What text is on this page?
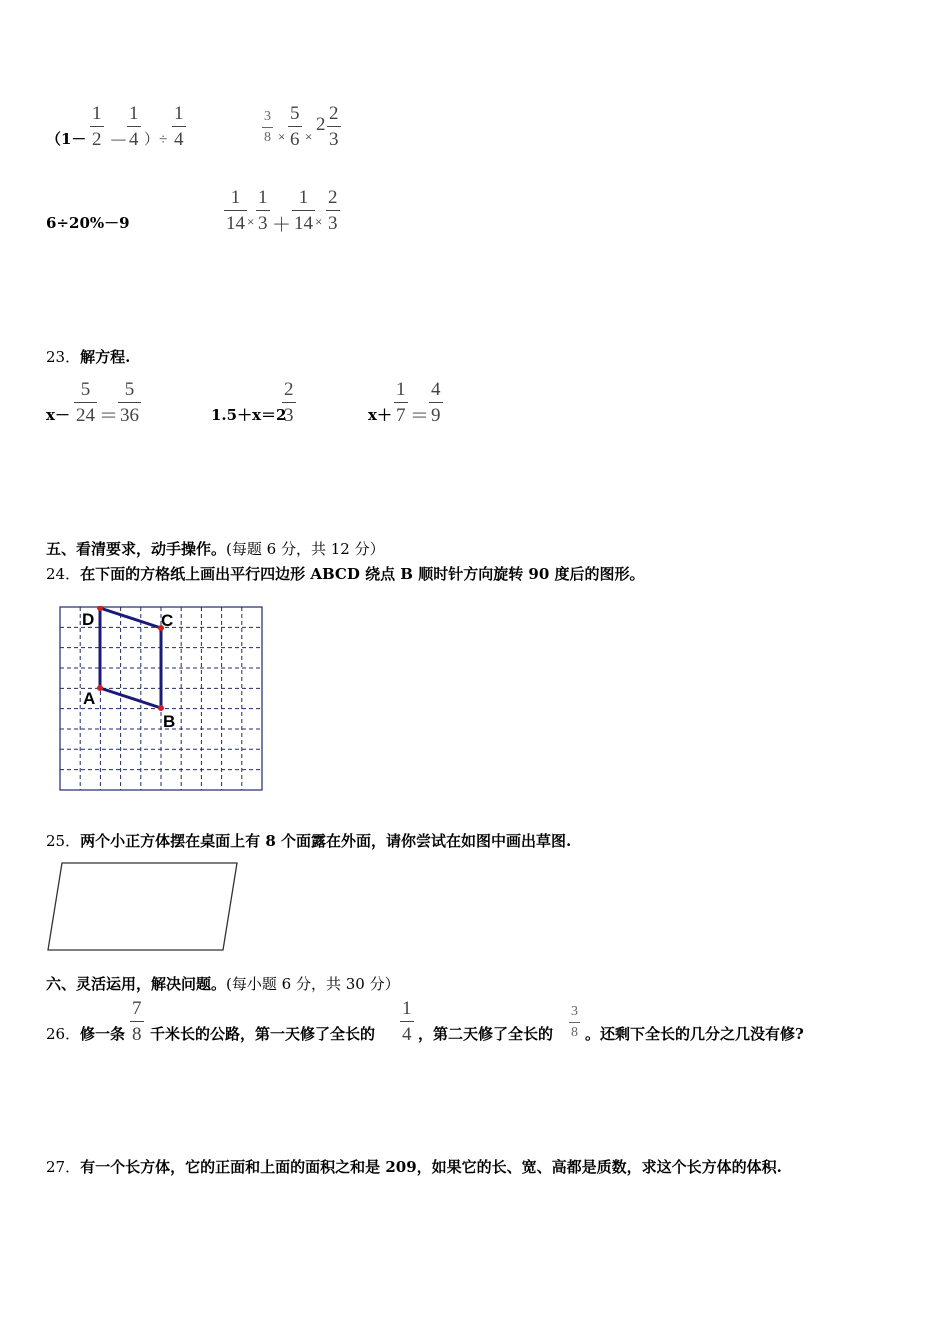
（$1- \frac{1}{2}$ －
$\frac{1}{4}$ ）÷ $\frac{1}{4}$	$\frac{3}{8} \times \frac{5}{6}$ ×
$2 \frac{2}{3}$
6÷20%－9	$\frac{1}{14} \times \frac{1}{3} + \frac{1}{14} \times \frac{2}{3}$
23．解方程.
$x- \frac{5}{24} = \frac{5}{36}$	1.5＋x＝2
$\frac{2}{3}$	$x+ \frac{1}{7} = \frac{4}{9}$
五、看清要求，动手操作。(每题 6 分，共 12 分）
24．在下面的方格纸上画出平行四边形 ABCD 绕点 B 顺时针方向旋转 90 度后的图形。
D	C
A
B
25．两个小正方体摆在桌面上有 8 个面露在外面，请你尝试在如图中画出草图.
六、灵活运用，解决问题。(每小题 6 分，共 30 分）
26． 修一条 $\frac{7}{8}$ 千米长的公路，第一天修了全长的 $\frac{1}{4}$ ，第二天修了全长的 $\frac{3}{8}$ 。还剩下全长的几分之几没有修?
27．有一个长方体，它的正面和上面的面积之和是 209，如果它的长、宽、高都是质数，求这个长方体的体积.
